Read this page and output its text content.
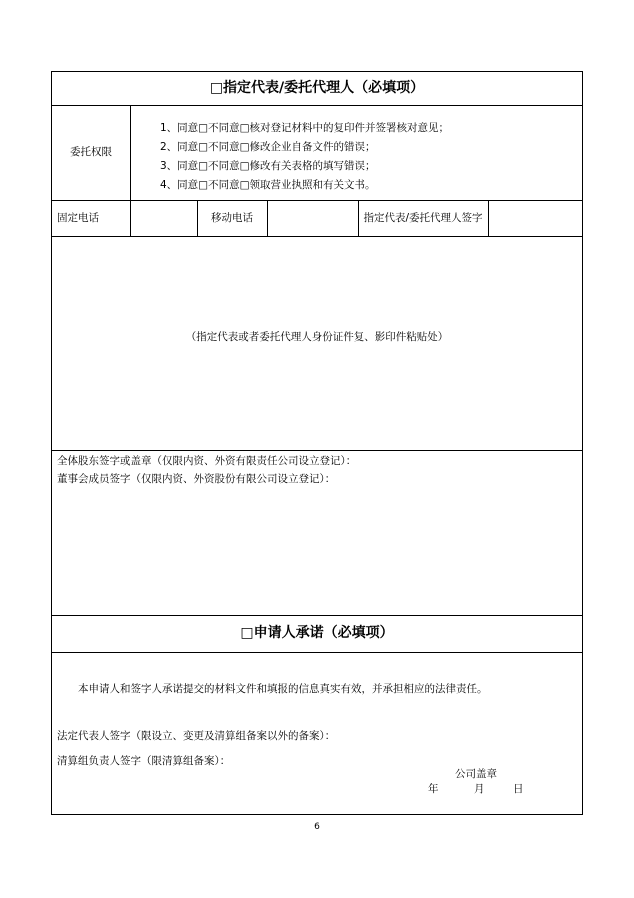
□指定代表/委托代理人（必填项）
委托权限
1、同意□不同意□核对登记材料中的复印件并签署核对意见；
2、同意□不同意□修改企业自备文件的错误；
3、同意□不同意□修改有关表格的填写错误；
4、同意□不同意□领取营业执照和有关文书。
固定电话	移动电话	指定代表/委托代理人签字
（指定代表或者委托代理人身份证件复、影印件粘贴处）
全体股东签字或盖章（仅限内资、外资有限责任公司设立登记）：
董事会成员签字（仅限内资、外资股份有限公司设立登记）：
□申请人承诺（必填项）
本申请人和签字人承诺提交的材料文件和填报的信息真实有效，并承担相应的法律责任。
法定代表人签字（限设立、变更及清算组备案以外的备案）：
清算组负责人签字（限清算组备案）：
公司盖章
年	月	日
6
